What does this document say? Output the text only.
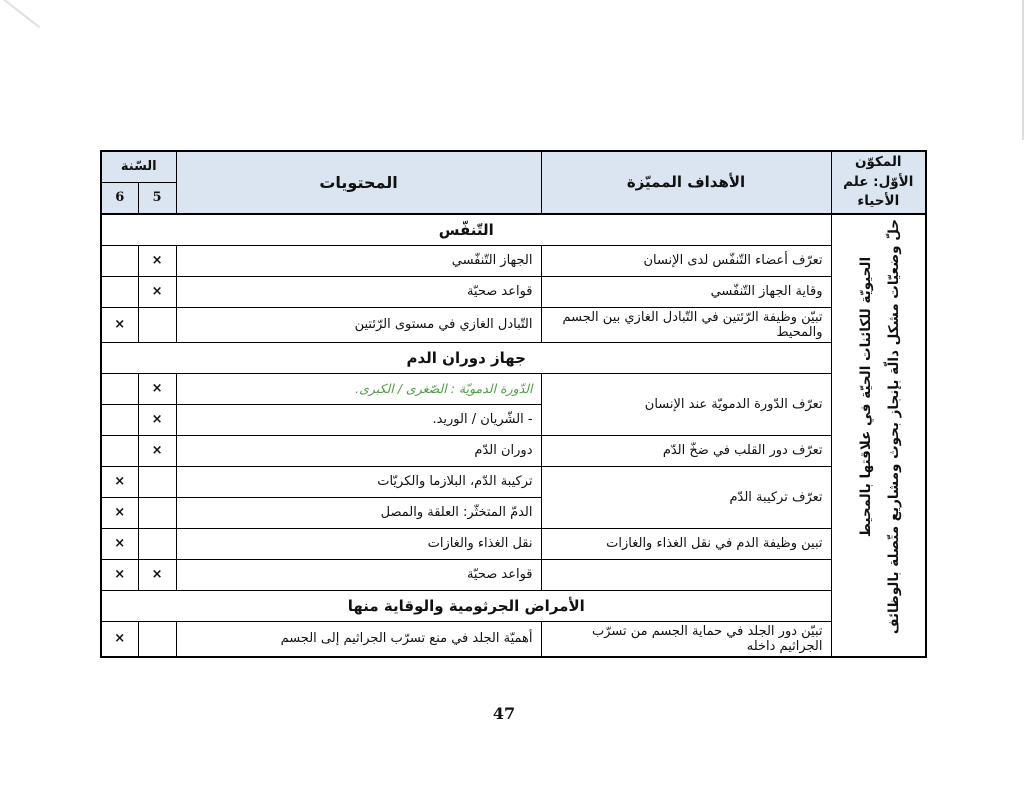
المكوّن الأوّل: علم الأحياء	الأهداف المميّزة	المحتويات	السّنة	
			5	6

حلّ وضعيّات مشكل دالّة بإنجاز بحوث ومشاريع متّصلة بالوظائف
الحيويّة للكائنات الحيّة في علاقتها بالمحيط	التّنفّس			
	تعرّف أعضاء التّنفّس لدى الإنسان	الجهاز التّنفّسي	×	
	وقاية الجهاز التّنفّسي	قواعد صحيّة	×	
	تبيّن وظيفة الرّئتين في التّبادل الغازي بين الجسم والمحيط	التّبادل الغازي في مستوى الرّئتين		×
	جهاز دوران الدم			
	تعرّف الدّورة الدمويّة عند الإنسان	الدّورة الدمويّة : الصّغرى / الكبرى.	×	
		- الشّريان / الوريد.	×	
	تعرّف دور القلب في ضخّ الدّم	دوران الدّم	×	
	تعرّف تركيبة الدّم	تركيبة الدّم، البلازما والكريّات		×
		الدمّ المتخثّر: العلقة والمصل		×
	تبين وظيفة الدم في نقل الغذاء والغازات	نقل الغذاء والغازات		×
		قواعد صحيّة	×	×
	الأمراض الجرثومية والوقاية منها			
	تبيّن دور الجلد في حماية الجسم من تسرّب الجراثيم داخله	أهميّة الجلد في منع تسرّب الجراثيم إلى الجسم		×
47
